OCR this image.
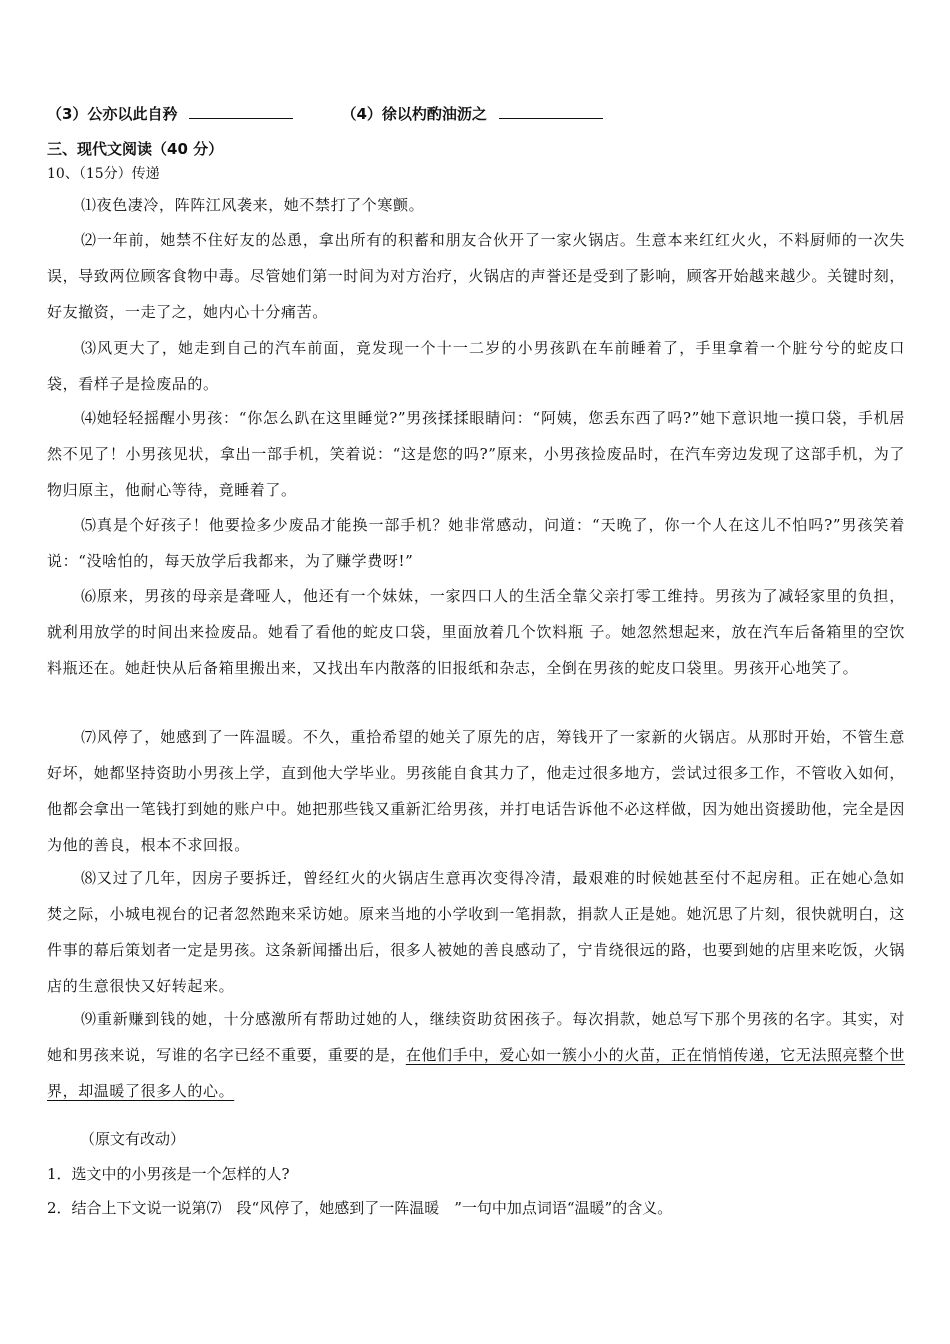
（3）公亦以此自矜	（4）徐以杓酌油沥之
三、现代文阅读（40 分）
10、（15分）传递
⑴夜色凄冷，阵阵江风袭来，她不禁打了个寒颤。
⑵一年前，她禁不住好友的怂恿，拿出所有的积蓄和朋友合伙开了一家火锅店。生意本来红红火火，不料厨师的一次失误，导致两位顾客食物中毒。尽管她们第一时间为对方治疗，火锅店的声誉还是受到了影响，顾客开始越来越少。关键时刻，好友撤资，一走了之，她内心十分痛苦。
⑶风更大了，她走到自己的汽车前面，竟发现一个十一二岁的小男孩趴在车前睡着了，手里拿着一个脏兮兮的蛇皮口袋，看样子是捡废品的。
⑷她轻轻摇醒小男孩：“你怎么趴在这里睡觉?”男孩揉揉眼睛问：“阿姨，您丢东西了吗?”她下意识地一摸口袋，手机居然不见了！小男孩见状，拿出一部手机，笑着说：“这是您的吗?”原来，小男孩捡废品时，在汽车旁边发现了这部手机，为了物归原主，他耐心等待，竟睡着了。
⑸真是个好孩子！他要捡多少废品才能换一部手机？她非常感动，问道：“天晚了，你一个人在这儿不怕吗?”男孩笑着说：“没啥怕的，每天放学后我都来，为了赚学费呀!”
⑹原来，男孩的母亲是聋哑人，他还有一个妹妹，一家四口人的生活全靠父亲打零工维持。男孩为了减轻家里的负担，就利用放学的时间出来捡废品。她看了看他的蛇皮口袋，里面放着几个饮料瓶 子。她忽然想起来，放在汽车后备箱里的空饮料瓶还在。她赶快从后备箱里搬出来，又找出车内散落的旧报纸和杂志，全倒在男孩的蛇皮口袋里。男孩开心地笑了。
⑺风停了，她感到了一阵温暖。不久，重拾希望的她关了原先的店，筹钱开了一家新的火锅店。从那时开始，不管生意好坏，她都坚持资助小男孩上学，直到他大学毕业。男孩能自食其力了，他走过很多地方，尝试过很多工作，不管收入如何，他都会拿出一笔钱打到她的账户中。她把那些钱又重新汇给男孩，并打电话告诉他不必这样做，因为她出资援助他，完全是因为他的善良，根本不求回报。
⑻又过了几年，因房子要拆迁，曾经红火的火锅店生意再次变得冷清，最艰难的时候她甚至付不起房租。正在她心急如焚之际，小城电视台的记者忽然跑来采访她。原来当地的小学收到一笔捐款，捐款人正是她。她沉思了片刻，很快就明白，这件事的幕后策划者一定是男孩。这条新闻播出后，很多人被她的善良感动了，宁肯绕很远的路，也要到她的店里来吃饭，火锅店的生意很快又好转起来。
⑼重新赚到钱的她，十分感激所有帮助过她的人，继续资助贫困孩子。每次捐款，她总写下那个男孩的名字。其实，对她和男孩来说，写谁的名字已经不重要，重要的是，在他们手中，爱心如一簇小小的火苗，正在悄悄传递，它无法照亮整个世界，却温暖了很多人的心。
（原文有改动）
1．选文中的小男孩是一个怎样的人?
2．结合上下文说一说第⑺　段“风停了，她感到了一阵温暖　”一句中加点词语“温暖”的含义。
